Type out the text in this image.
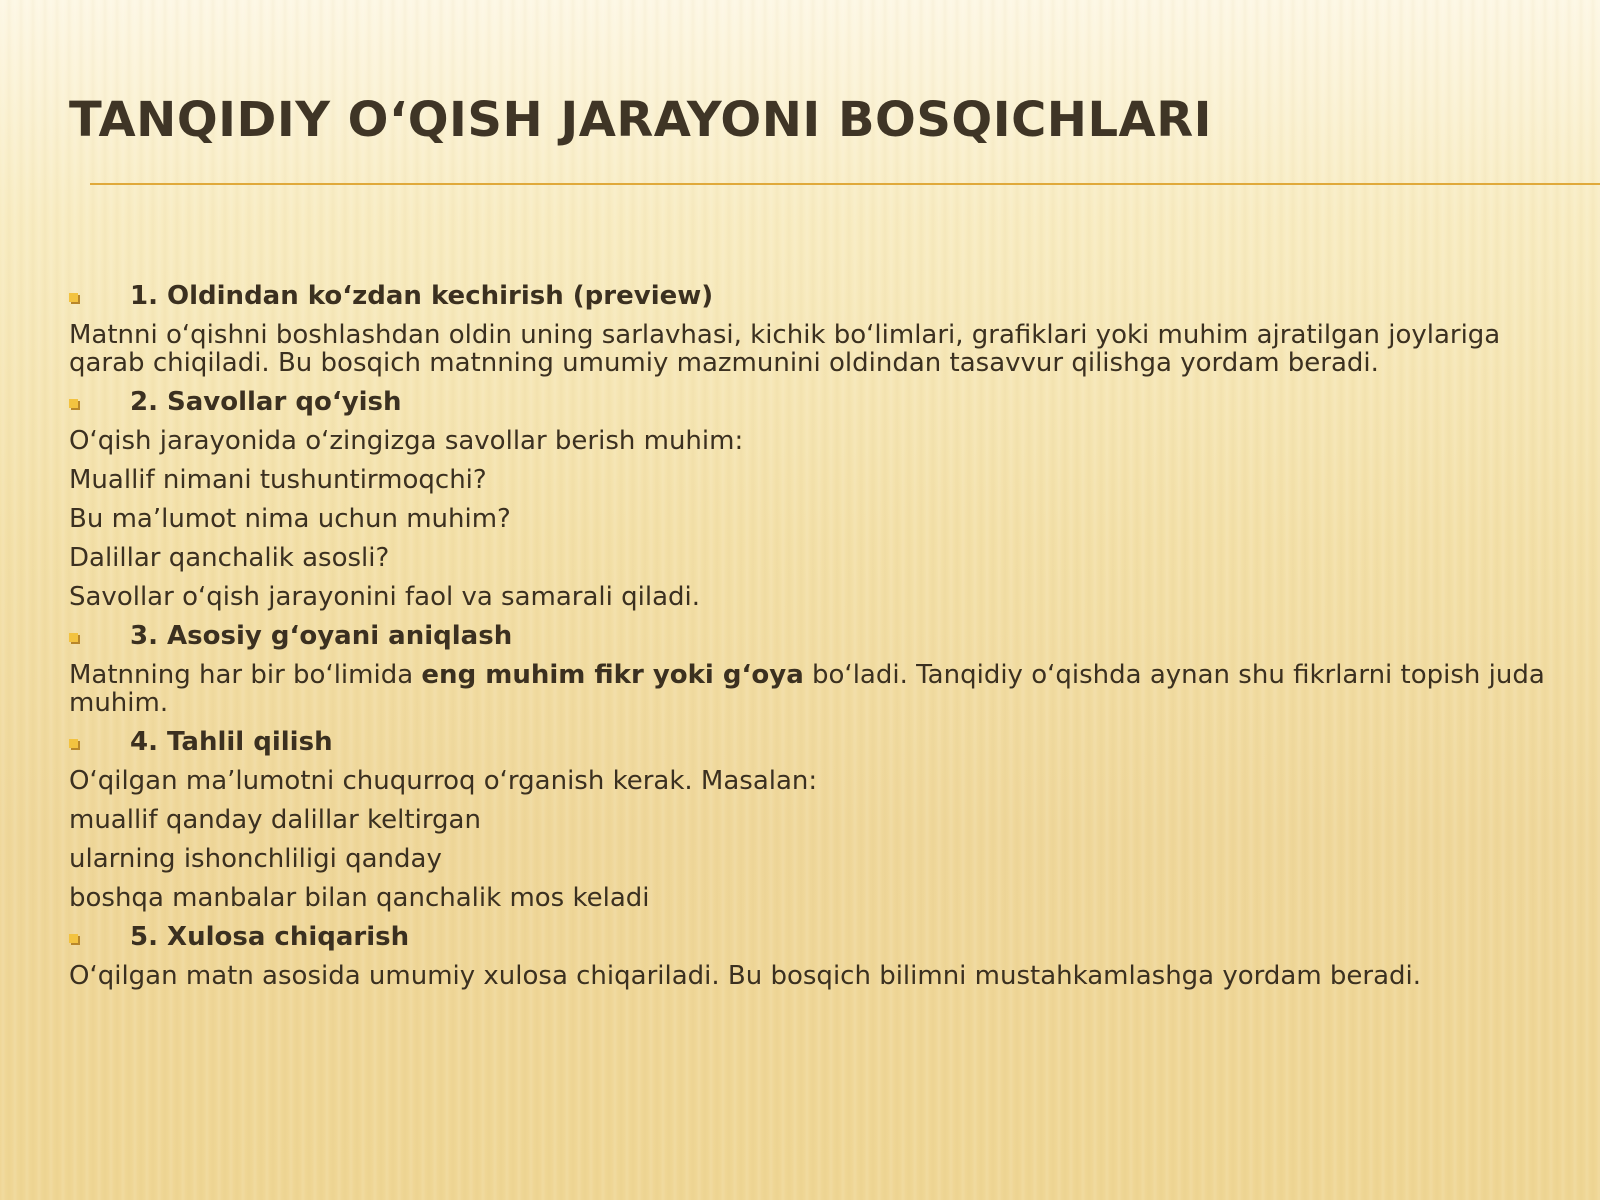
TANQIDIY O‘QISH JARAYONI BOSQICHLARI
1. Oldindan ko‘zdan kechirish (preview)

Matnni o‘qishni boshlashdan oldin uning sarlavhasi, kichik bo‘limlari, grafiklari yoki muhim ajratilgan joylariga qarab chiqiladi. Bu bosqich matnning umumiy mazmunini oldindan tasavvur qilishga yordam beradi.

2. Savollar qo‘yish

O‘qish jarayonida o‘zingizga savollar berish muhim:

Muallif nimani tushuntirmoqchi?

Bu ma’lumot nima uchun muhim?

Dalillar qanchalik asosli?

Savollar o‘qish jarayonini faol va samarali qiladi.

3. Asosiy g‘oyani aniqlash

Matnning har bir bo‘limida eng muhim fikr yoki g‘oya bo‘ladi. Tanqidiy o‘qishda aynan shu fikrlarni topish juda muhim.

4. Tahlil qilish

O‘qilgan ma’lumotni chuqurroq o‘rganish kerak. Masalan:

muallif qanday dalillar keltirgan

ularning ishonchliligi qanday

boshqa manbalar bilan qanchalik mos keladi

5. Xulosa chiqarish

O‘qilgan matn asosida umumiy xulosa chiqariladi. Bu bosqich bilimni mustahkamlashga yordam beradi.
